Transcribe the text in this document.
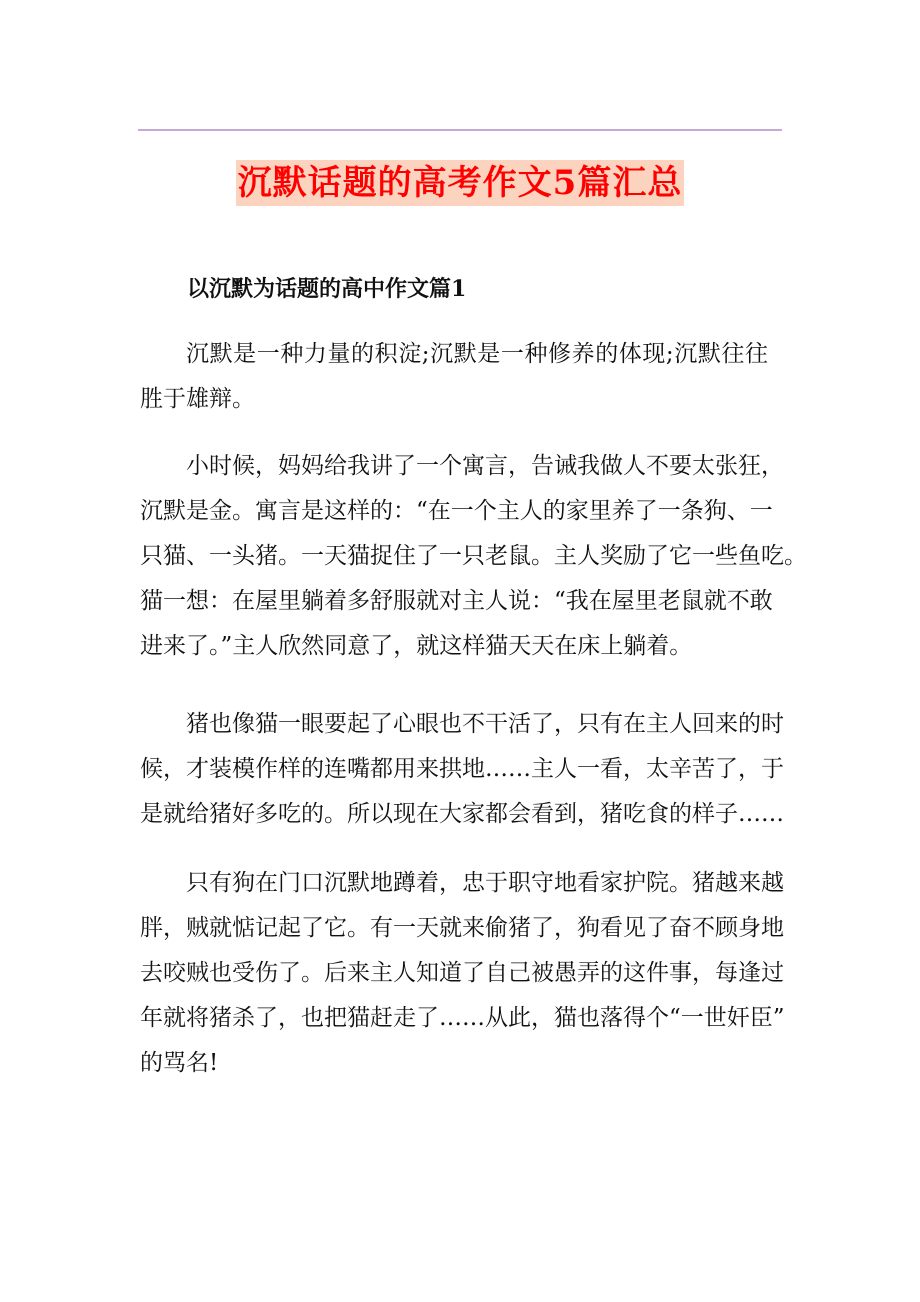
沉默话题的高考作文5篇汇总
以沉默为话题的高中作文篇1
沉默是一种力量的积淀;沉默是一种修养的体现;沉默往往
胜于雄辩。
小时候，妈妈给我讲了一个寓言，告诫我做人不要太张狂，
沉默是金。寓言是这样的：“在一个主人的家里养了一条狗、一
只猫、一头猪。一天猫捉住了一只老鼠。主人奖励了它一些鱼吃。
猫一想：在屋里躺着多舒服就对主人说：“我在屋里老鼠就不敢
进来了。”主人欣然同意了，就这样猫天天在床上躺着。
猪也像猫一眼要起了心眼也不干活了，只有在主人回来的时
候，才装模作样的连嘴都用来拱地……主人一看，太辛苦了，于
是就给猪好多吃的。所以现在大家都会看到，猪吃食的样子……
只有狗在门口沉默地蹲着，忠于职守地看家护院。猪越来越
胖，贼就惦记起了它。有一天就来偷猪了，狗看见了奋不顾身地
去咬贼也受伤了。后来主人知道了自己被愚弄的这件事，每逢过
年就将猪杀了，也把猫赶走了……从此，猫也落得个“一世奸臣”
的骂名!
